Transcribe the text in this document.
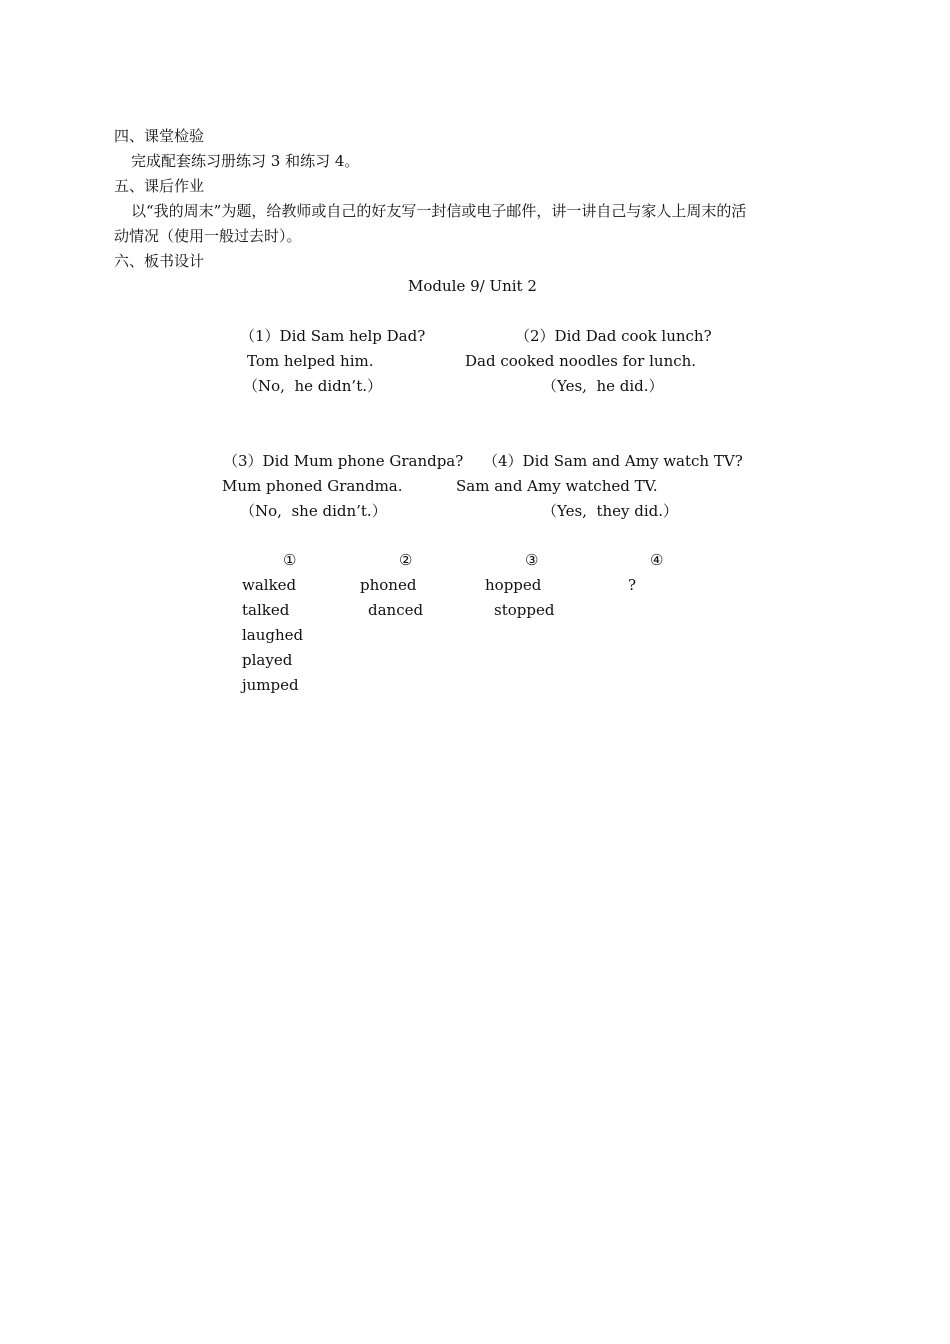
四、课堂检验
完成配套练习册练习 3 和练习 4。
五、课后作业
以“我的周末”为题，给教师或自己的好友写一封信或电子邮件，讲一讲自己与家人上周末的活
动情况（使用一般过去时）。
六、板书设计
Module 9/ Unit 2
（1）Did Sam help Dad?
Tom helped him.
（No,  he didn’t.）
（2）Did Dad cook lunch?
Dad cooked noodles for lunch.
（Yes,  he did.）
（3）Did Mum phone Grandpa?
Mum phoned Grandma.
（No,  she didn’t.）
（4）Did Sam and Amy watch TV?
Sam and Amy watched TV.
（Yes,  they did.）
①
walked
talked
laughed
played
jumped
②
phoned
danced
③
hopped
stopped
④
?
